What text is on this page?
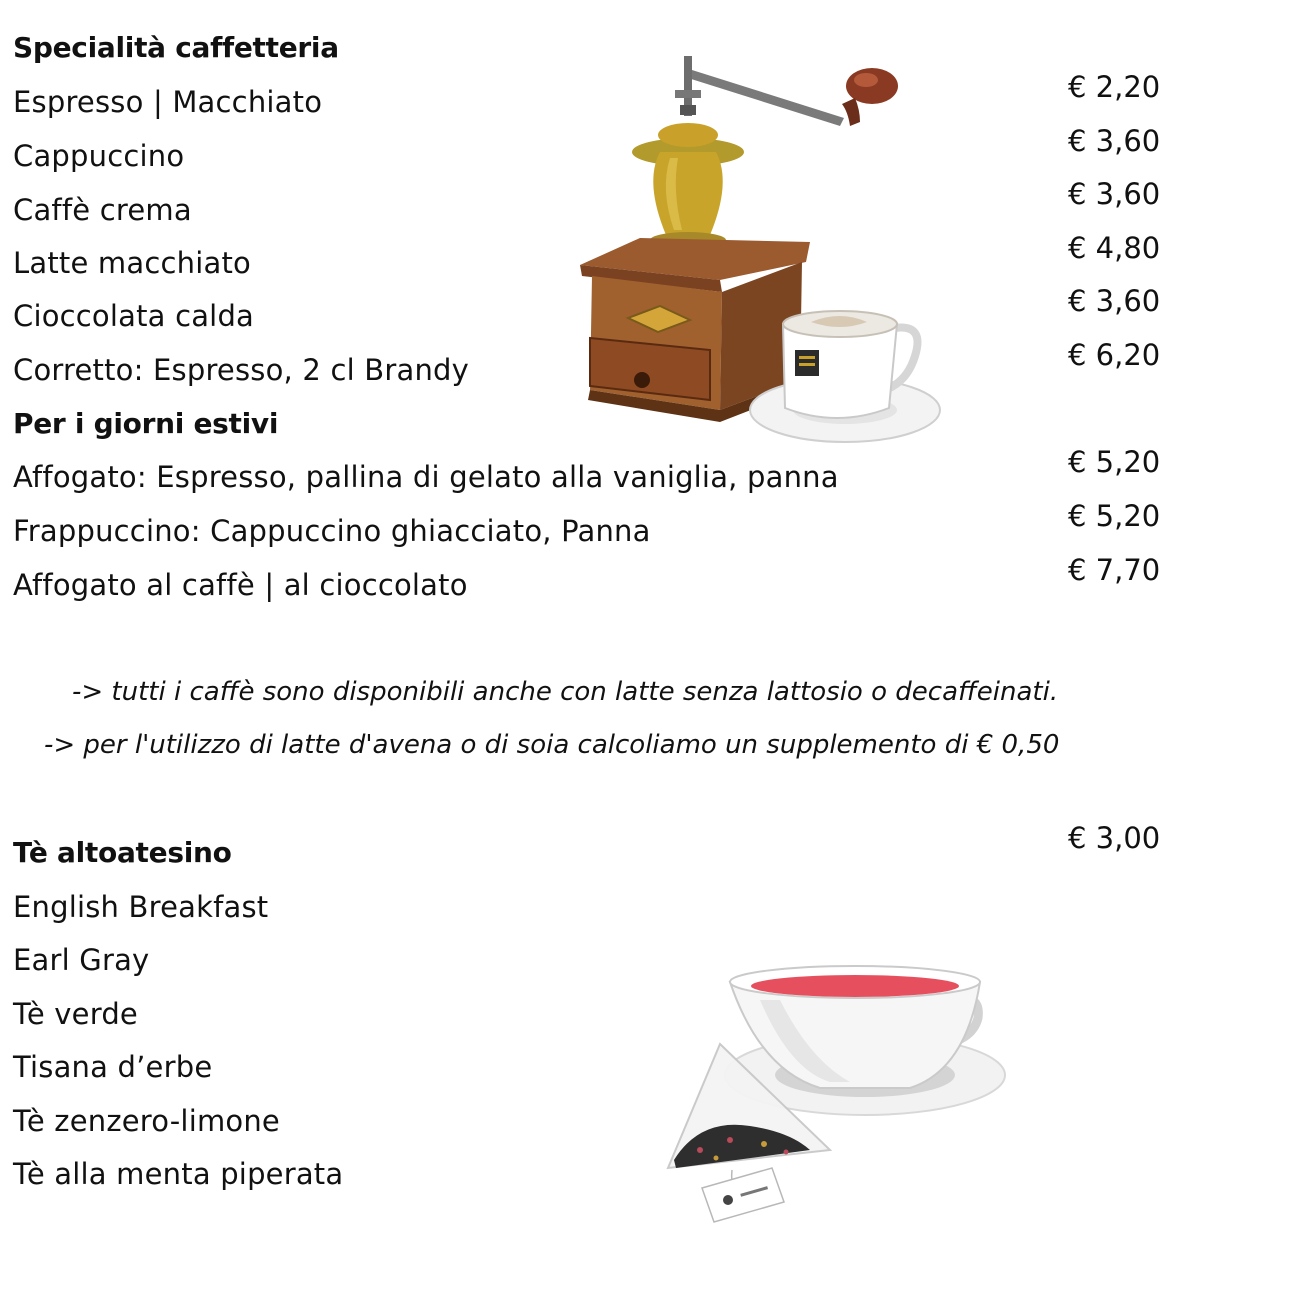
Specialità caffetteria
Espresso | Macchiato
Cappuccino
Caffè crema
Latte macchiato
Cioccolata calda
Corretto: Espresso, 2 cl Brandy
€ 2,20
€ 3,60
€ 3,60
€ 4,80
€ 3,60
€ 6,20
Per i giorni estivi
Affogato: Espresso, pallina di gelato alla vaniglia, panna
Frappuccino: Cappuccino ghiacciato, Panna
Affogato al caffè | al cioccolato
€ 5,20
€ 5,20
€ 7,70
-> tutti i caffè sono disponibili anche con latte senza lattosio o decaffeinati.
-> per l'utilizzo di latte d'avena o di soia calcoliamo un supplemento di € 0,50
Tè altoatesino	€ 3,00
English Breakfast
Earl Gray
Tè verde
Tisana d’erbe
Tè zenzero-limone
Tè alla menta piperata
